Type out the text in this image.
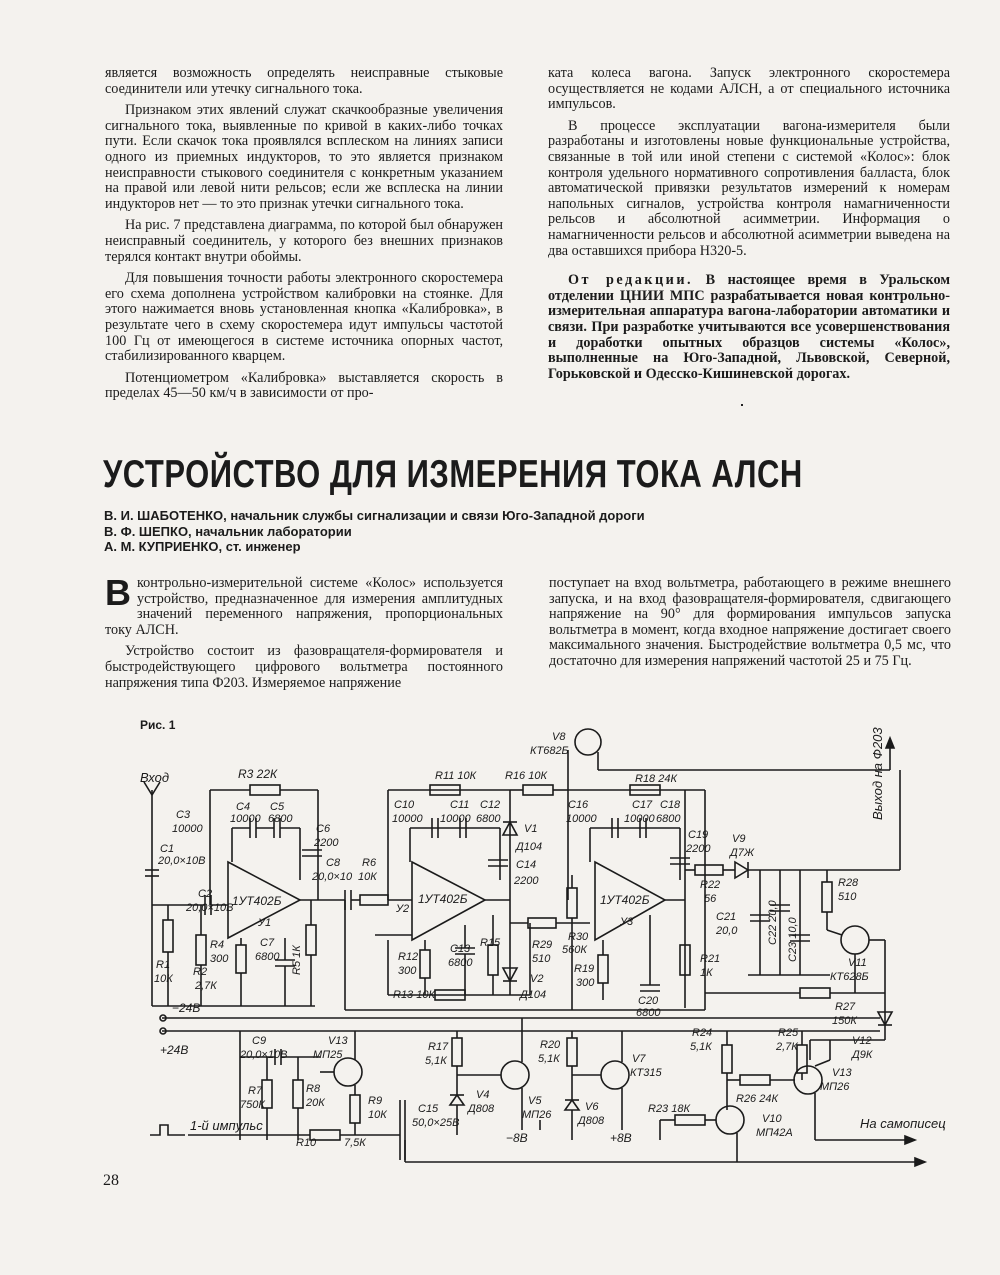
является возможность определять неисправные стыковые соединители или утечку сигнального тока.

Признаком этих явлений служат скачкообразные увеличения сигнального тока, выявленные по кривой в каких-либо точках пути. Если скачок тока проявлялся всплеском на линиях записи одного из приемных индукторов, то это является признаком неисправности стыкового соединителя с конкретным указанием на правой или левой нити рельсов; если же всплеска на линии индукторов нет — то это признак утечки сигнального тока.

На рис. 7 представлена диаграмма, по которой был обнаружен неисправный соединитель, у которого без внешних признаков терялся контакт внутри обоймы.

Для повышения точности работы электронного скоростемера его схема дополнена устройством калибровки на стоянке. Для этого нажимается вновь установленная кнопка «Калибровка», в результате чего в схему скоростемера идут импульсы частотой 100 Гц от имеющегося в системе источника опорных частот, стабилизированного кварцем.

Потенциометром «Калибровка» выставляется скорость в пределах 45—50 км/ч в зависимости от про-

ката колеса вагона. Запуск электронного скоростемера осуществляется не кодами АЛСН, а от специального источника импульсов.

В процессе эксплуатации вагона-измерителя были разработаны и изготовлены новые функциональные устройства, связанные в той или иной степени с системой «Колос»: блок контроля удельного нормативного сопротивления балласта, блок автоматической привязки результатов измерений к номерам напольных сигналов, устройства контроля намагниченности рельсов и абсолютной асимметрии. Информация о намагниченности рельсов и абсолютной асимметрии выведена на два оставшихся прибора Н320-5.

От редакции. В настоящее время в Уральском отделении ЦНИИ МПС разрабатывается новая контрольно-измерительная аппаратура вагона-лаборатории автоматики и связи. При разработке учитываются все усовершенствования и доработки опытных образцов системы «Колос», выполненные на Юго-Западной, Львовской, Северной, Горьковской и Одесско-Кишиневской дорогах.

УСТРОЙСТВО ДЛЯ ИЗМЕРЕНИЯ ТОКА АЛСН
В. И. ШАБОТЕНКО, начальник службы сигнализации и связи Юго-Западной дороги
В. Ф. ШЕПКО, начальник лаборатории
А. М. КУПРИЕНКО, ст. инженер

В контрольно-измерительной системе «Колос» используется устройство, предназначенное для измерения амплитудных значений переменного напряжения, пропорциональных току АЛСН.

Устройство состоит из фазовращателя-формирователя и быстродействующего цифрового вольтметра постоянного напряжения типа Ф203. Измеряемое напряжение

поступает на вход вольтметра, работающего в режиме внешнего запуска, и на вход фазовращателя-формирователя, сдвигающего напряжение на 90° для формирования импульсов запуска вольтметра в момент, когда входное напряжение достигает своего максимального значения. Быстродействие вольтметра 0,5 мс, что достаточно для измерения напряжений частотой 25 и 75 Гц.

Рис. 1
Вход	R3 22К
C3
10000
C4
10000
C5
6800
C6
2200
C1
20,0×10В
C2
20,0×10В
1УТ402Б
У1
R4
300
C7
6800 R5 1К
C8
20,0×10
R6
10К
R1
10К
R2
2,7К
R11 10К	R16 10К
C10
10000
C11
10000
C12
6800
V1
Д104
C14
2200
1УТ402Б
У2
R12
300
C13
6800
R15	R29
510
V2
Д104
R13 10К
V8
КТ682Б
R18 24К
C16
10000
C17
10000
C18
6800
C19
2200
1УТ402Б
У3
R30
560К
R19
300
C20
6800
R22
56
V9
Д7Ж
R21
1К
C21
20,0	C22 20,0 C23 10,0
R28
510
V11
КТ628Б
R27
150К
V12
Д9К
Выход на Ф203
−24В
+24В
C9
20,0×10В
V13
МП25
R7
750К
R8
20К	R9
10К
R10	7,5К
C15
50,0×25В
R17
5,1К
V4
Д808
V5
МП26
R20
5,1К
V6
Д808
V7
КТ315
−8В	+8В
R23 18К
R24
5,1К
R25
2,7К
R26 24К
V10
МП42А
V13
МП26
1-й импульс	На самописец
28
